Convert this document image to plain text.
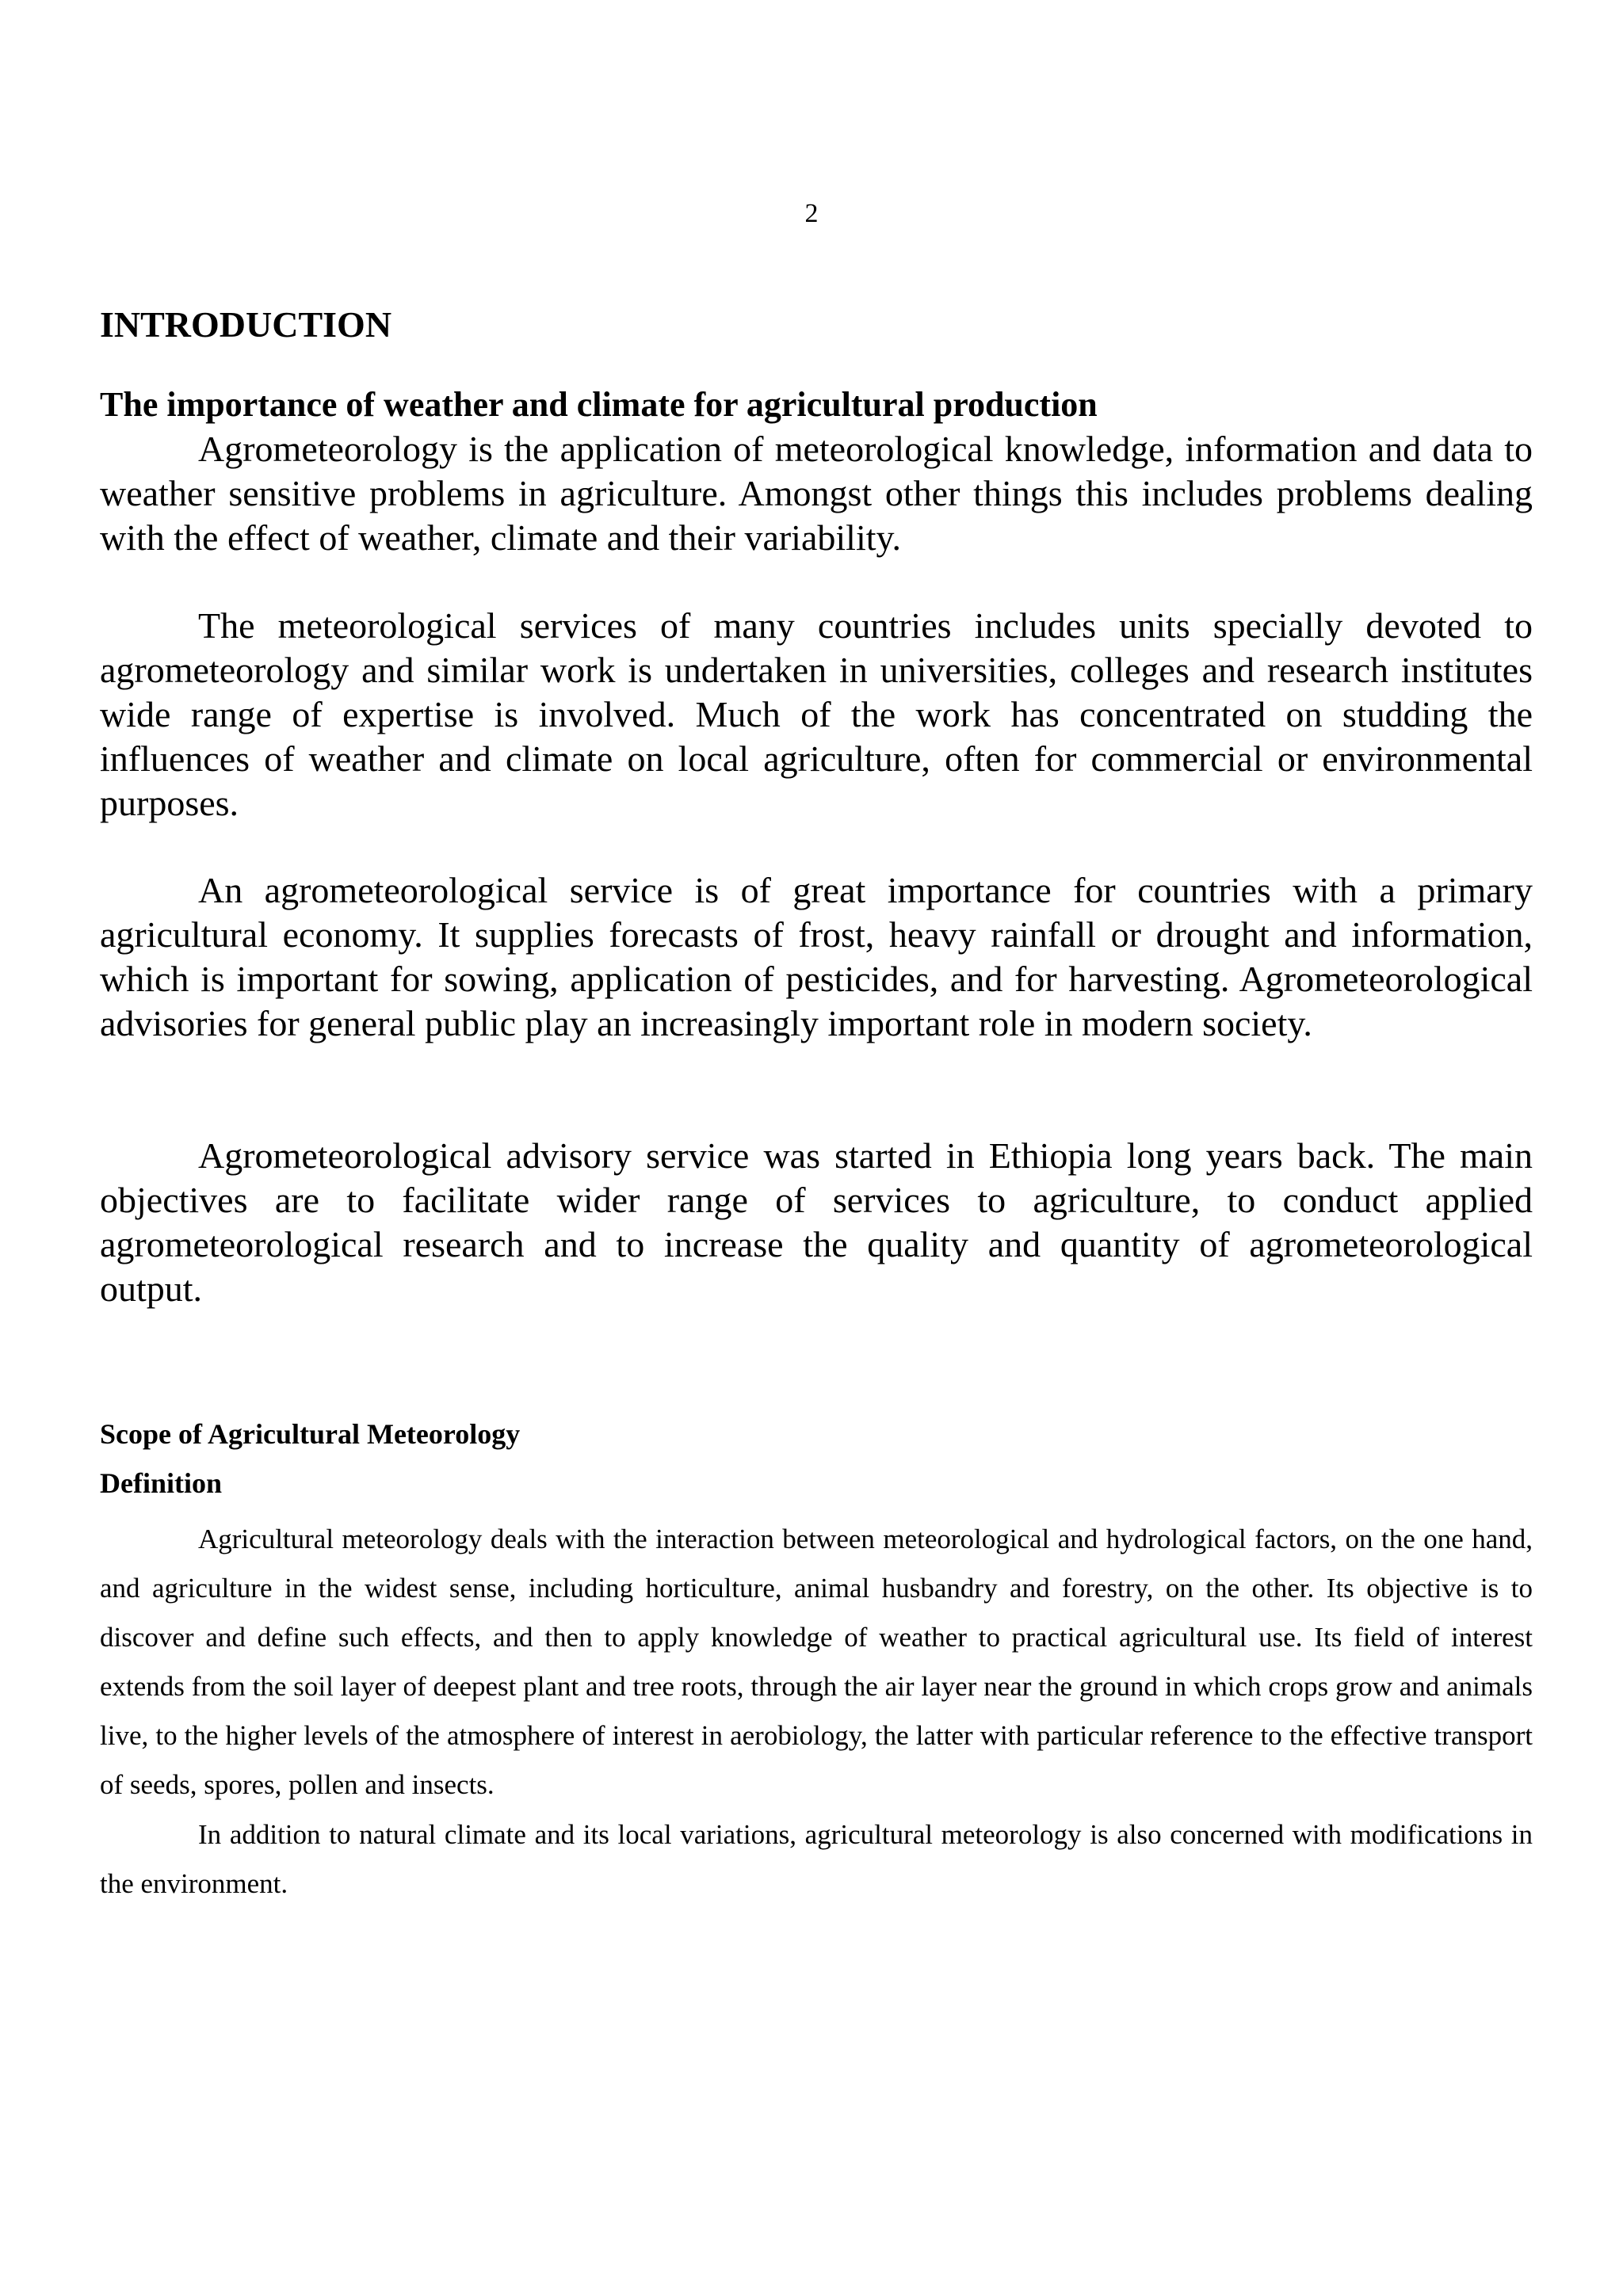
2
INTRODUCTION
The importance of weather and climate for agricultural production

Agrometeorology is the application of meteorological knowledge, information and data to weather sensitive problems in agriculture. Amongst other things this includes problems dealing with the effect of weather, climate and their variability.

The meteorological services of many countries includes units specially devoted to agrometeorology and similar work is undertaken in universities, colleges and research institutes wide range of expertise is involved. Much of the work has concentrated on studding the influences of weather and climate on local agriculture, often for commercial or environmental purposes.

An agrometeorological service is of great importance for countries with a primary agricultural economy. It supplies forecasts of frost, heavy rainfall or drought and information, which is important for sowing, application of pesticides, and for harvesting. Agrometeorological advisories for general public play an increasingly important role in modern society.

Agrometeorological advisory service was started in Ethiopia long years back. The main objectives are to facilitate wider range of services to agriculture, to conduct applied agrometeorological research and to increase the quality and quantity of agrometeorological output.

Scope of Agricultural Meteorology
Definition

Agricultural meteorology deals with the interaction between meteorological and hydrological factors, on the one hand, and agriculture in the widest sense, including horticulture, animal husbandry and forestry, on the other. Its objective is to discover and define such effects, and then to apply knowledge of weather to practical agricultural use. Its field of interest extends from the soil layer of deepest plant and tree roots, through the air layer near the ground in which crops grow and animals live, to the higher levels of the atmosphere of interest in aerobiology, the latter with particular reference to the effective transport of seeds, spores, pollen and insects.

In addition to natural climate and its local variations, agricultural meteorology is also concerned with modifications in the environment.
